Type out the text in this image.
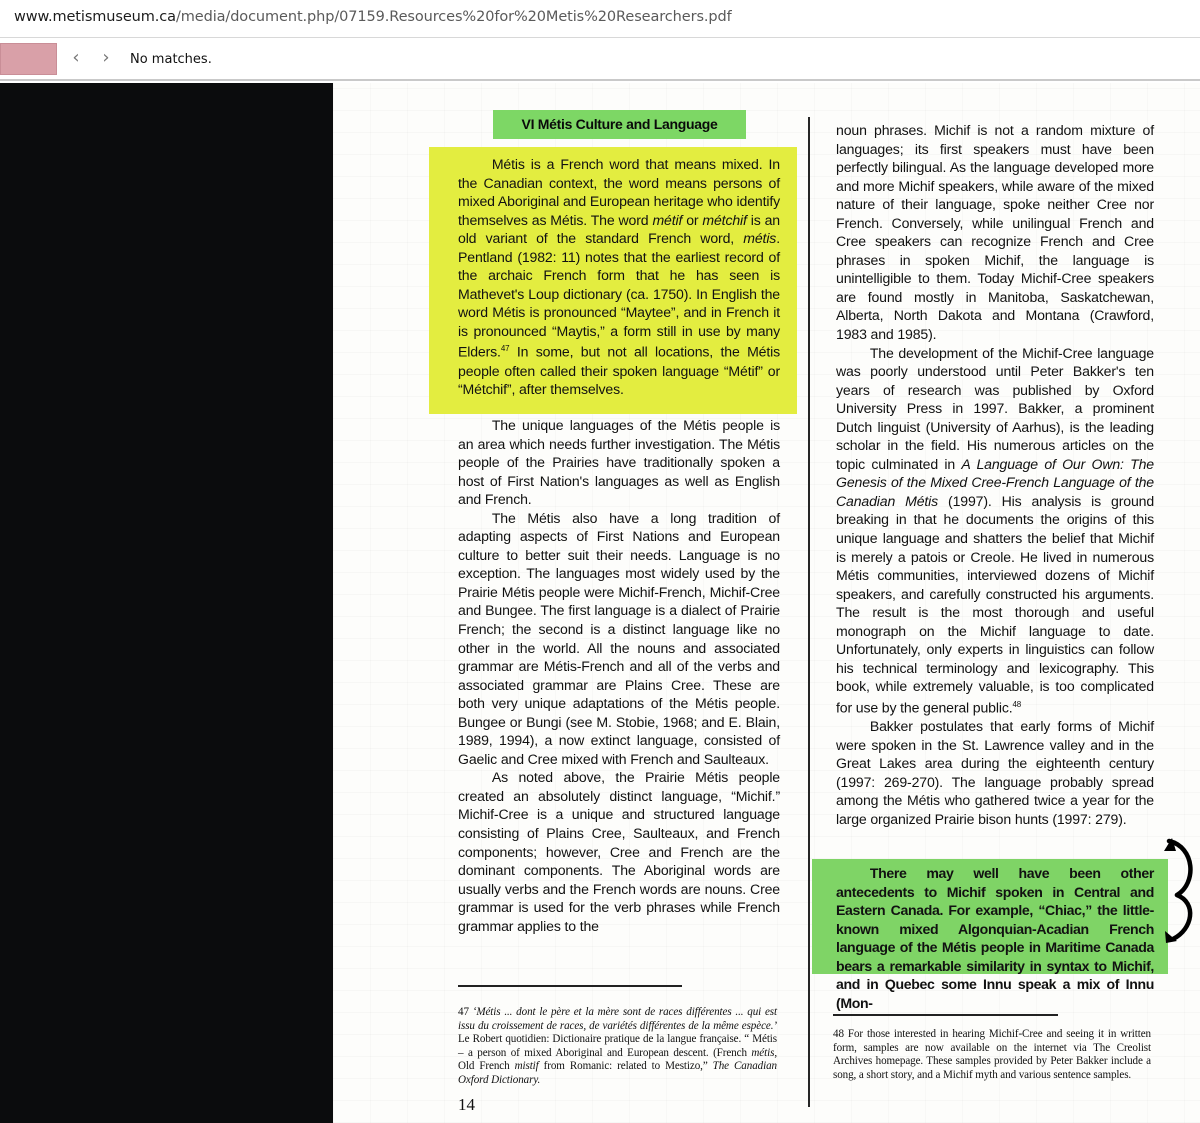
www.metismuseum.ca/media/document.php/07159.Resources%20for%20Metis%20Researchers.pdf
‹	›	No matches.
VI Métis Culture and Language

Métis is a French word that means mixed. In the Canadian context, the word means persons of mixed Aboriginal and European heritage who identify themselves as Métis. The word métif or métchif is an old variant of the standard French word, métis. Pentland (1982: 11) notes that the earliest record of the archaic French form that he has seen is Mathevet's Loup dictionary (ca. 1750). In English the word Métis is pronounced “Maytee”, and in French it is pronounced “Maytis,” a form still in use by many Elders.$^{47}$ In some, but not all locations, the Métis people often called their spoken language “Métif” or “Métchif”, after themselves.

The unique languages of the Métis people is an area which needs further investigation. The Métis people of the Prairies have traditionally spoken a host of First Nation's languages as well as English and French.

The Métis also have a long tradition of adapting aspects of First Nations and European culture to better suit their needs. Language is no exception. The languages most widely used by the Prairie Métis people were Michif-French, Michif-Cree and Bungee. The first language is a dialect of Prairie French; the second is a distinct language like no other in the world. All the nouns and associated grammar are Métis-French and all of the verbs and associated grammar are Plains Cree. These are both very unique adaptations of the Métis people. Bungee or Bungi (see M. Stobie, 1968; and E. Blain, 1989, 1994), a now extinct language, consisted of Gaelic and Cree mixed with French and Saulteaux.

As noted above, the Prairie Métis people created an absolutely distinct language, “Michif.” Michif-Cree is a unique and structured language consisting of Plains Cree, Saulteaux, and French components; however, Cree and French are the dominant components. The Aboriginal words are usually verbs and the French words are nouns. Cree grammar is used for the verb phrases while French grammar applies to the

noun phrases. Michif is not a random mixture of languages; its first speakers must have been perfectly bilingual. As the language developed more and more Michif speakers, while aware of the mixed nature of their language, spoke neither Cree nor French. Conversely, while unilingual French and Cree speakers can recognize French and Cree phrases in spoken Michif, the language is unintelligible to them. Today Michif-Cree speakers are found mostly in Manitoba, Saskatchewan, Alberta, North Dakota and Montana (Crawford, 1983 and 1985).

The development of the Michif-Cree language was poorly understood until Peter Bakker's ten years of research was published by Oxford University Press in 1997. Bakker, a prominent Dutch linguist (University of Aarhus), is the leading scholar in the field. His numerous articles on the topic culminated in A Language of Our Own: The Genesis of the Mixed Cree-French Language of the Canadian Métis (1997). His analysis is ground breaking in that he documents the origins of this unique language and shatters the belief that Michif is merely a patois or Creole. He lived in numerous Métis communities, interviewed dozens of Michif speakers, and carefully constructed his arguments. The result is the most thorough and useful monograph on the Michif language to date. Unfortunately, only experts in linguistics can follow his technical terminology and lexicography. This book, while extremely valuable, is too complicated for use by the general public.$^{48}$

Bakker postulates that early forms of Michif were spoken in the St. Lawrence valley and in the Great Lakes area during the eighteenth century (1997: 269-270). The language probably spread among the Métis who gathered twice a year for the large organized Prairie bison hunts (1997: 279).

There may well have been other antecedents to Michif spoken in Central and Eastern Canada. For example, “Chiac,” the little-known mixed Algonquian-Acadian French language of the Métis people in Maritime Canada bears a remarkable similarity in syntax to Michif, and in Quebec some Innu speak a mix of Innu (Mon-

47 ‘Métis ... dont le père et la mère sont de races différentes ... qui est issu du croissement de races, de variétés différentes de la même espèce.’ Le Robert quotidien: Dictionaire pratique de la langue française. “ Métis – a person of mixed Aboriginal and European descent. (French métis, Old French mistif from Romanic: related to Mestizo,” The Canadian Oxford Dictionary.
48 For those interested in hearing Michif-Cree and seeing it in written form, samples are now available on the internet via The Creolist Archives homepage. These samples provided by Peter Bakker include a song, a short story, and a Michif myth and various sentence samples.
14
